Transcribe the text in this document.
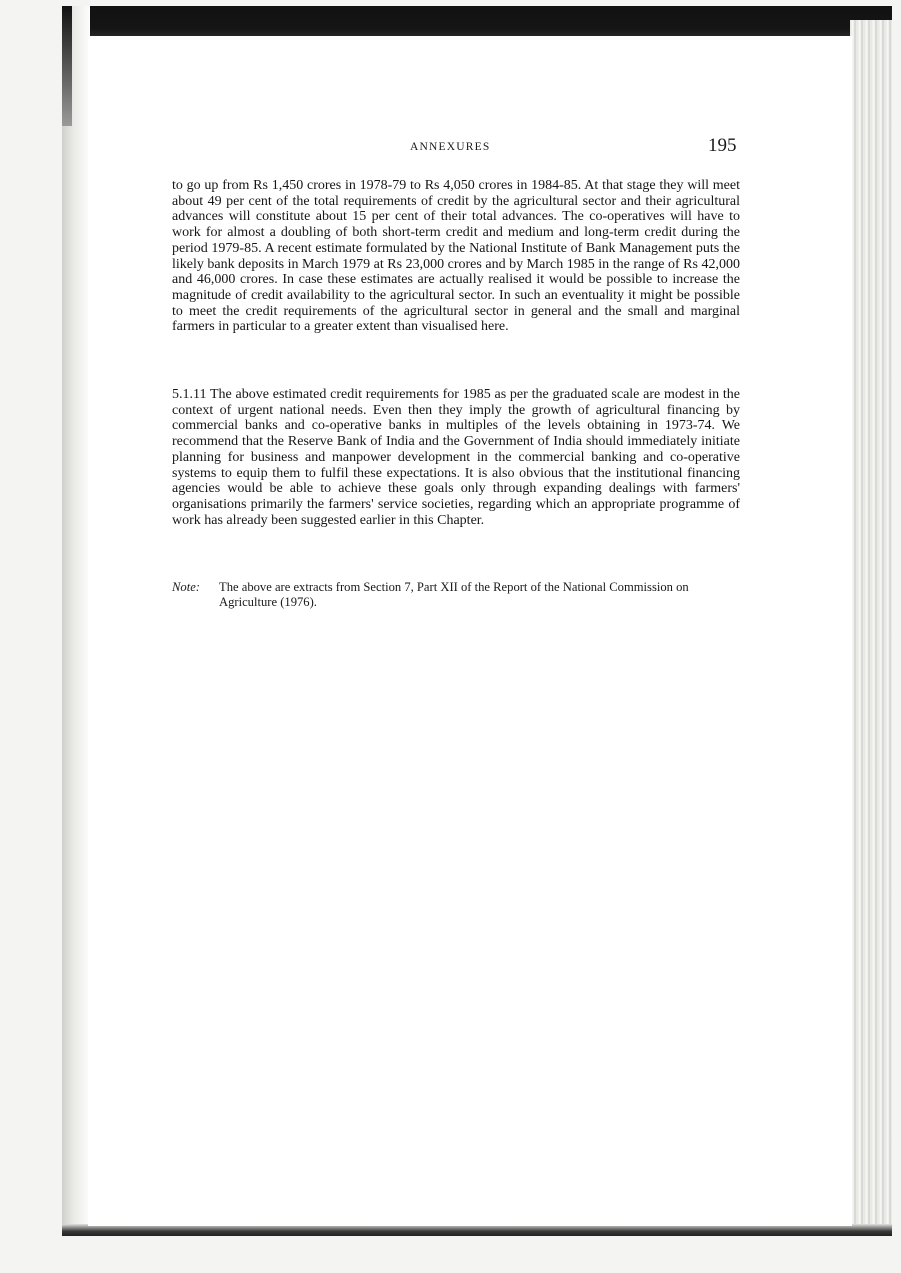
ANNEXURES	195

to go up from Rs 1,450 crores in 1978-79 to Rs 4,050 crores in 1984-85. At that stage they will meet about 49 per cent of the total requirements of credit by the agricultural sector and their agricultural advances will constitute about 15 per cent of their total advances. The co-operatives will have to work for almost a doubling of both short-term credit and medium and long-term credit during the period 1979-85. A recent estimate formulated by the National Institute of Bank Management puts the likely bank deposits in March 1979 at Rs 23,000 crores and by March 1985 in the range of Rs 42,000 and 46,000 crores. In case these estimates are actually realised it would be possible to increase the magnitude of credit availability to the agricultural sector. In such an eventuality it might be possible to meet the credit requirements of the agricultural sector in general and the small and marginal farmers in particular to a greater extent than visualised here.

5.1.11 The above estimated credit requirements for 1985 as per the graduated scale are modest in the context of urgent national needs. Even then they imply the growth of agricultural financing by commercial banks and co-operative banks in multiples of the levels obtaining in 1973-74. We recommend that the Reserve Bank of India and the Government of India should immediately initiate planning for business and manpower development in the commercial banking and co-operative systems to equip them to fulfil these expectations. It is also obvious that the institutional financing agencies would be able to achieve these goals only through expanding dealings with farmers' organisations primarily the farmers' service societies, regarding which an appropriate programme of work has already been suggested earlier in this Chapter.

Note:	The above are extracts from Section 7, Part XII of the Report of the National Commission on Agriculture (1976).
